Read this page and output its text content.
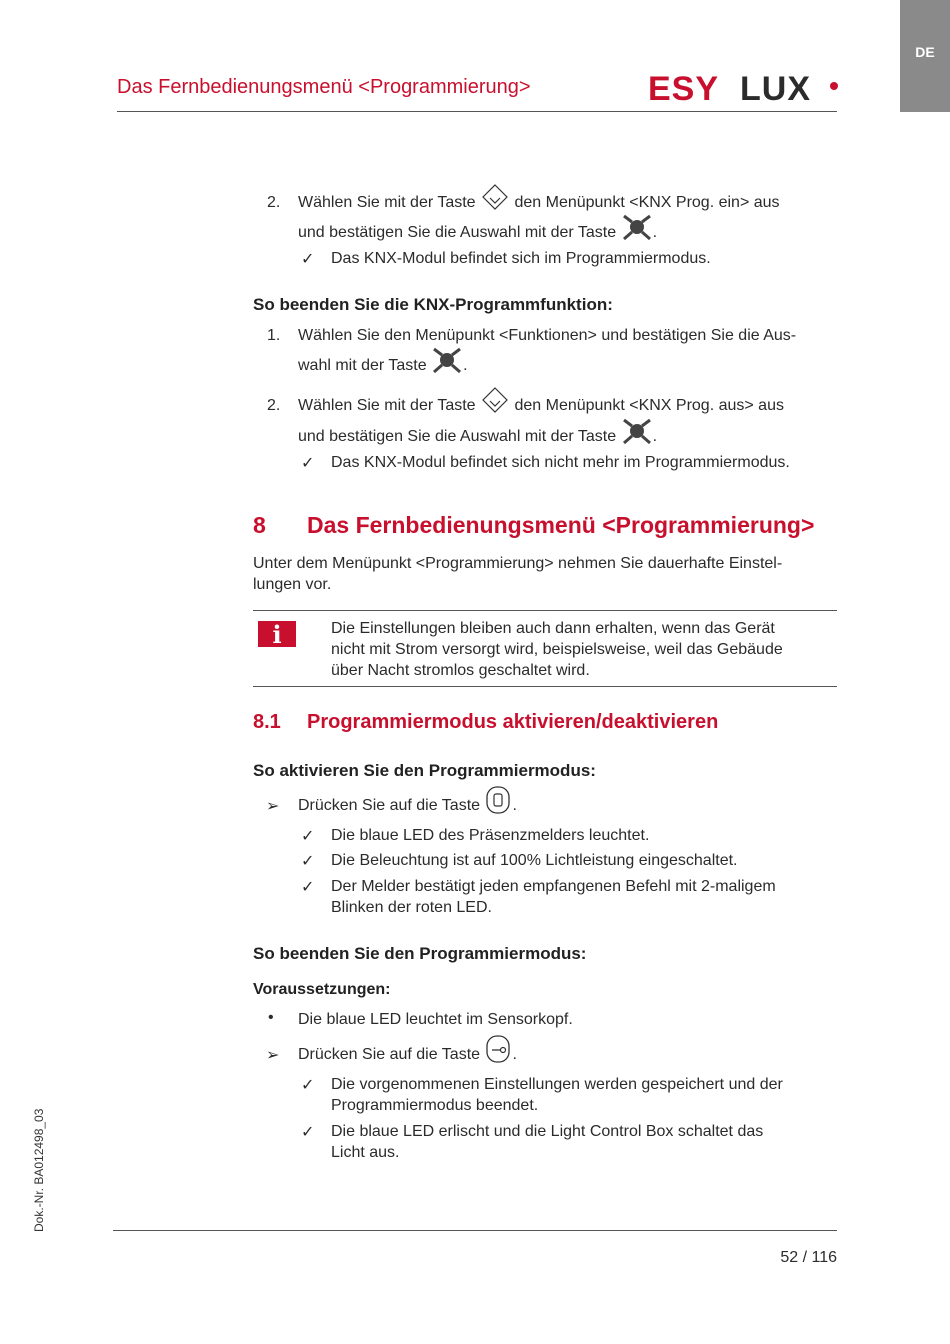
DE
Das Fernbedienungsmenü <Programmierung>	ESY LUX
2. Wählen Sie mit der Taste den Menüpunkt <KNX Prog. ein> aus
und bestätigen Sie die Auswahl mit der Taste .
✓ Das KNX-Modul befindet sich im Programmiermodus.
So beenden Sie die KNX-Programmfunktion:
1. Wählen Sie den Menüpunkt <Funktionen> und bestätigen Sie die Aus-
wahl mit der Taste .
2. Wählen Sie mit der Taste den Menüpunkt <KNX Prog. aus> aus
und bestätigen Sie die Auswahl mit der Taste .
✓ Das KNX-Modul befindet sich nicht mehr im Programmiermodus.
8 Das Fernbedienungsmenü <Programmierung>
Unter dem Menüpunkt <Programmierung> nehmen Sie dauerhafte Einstel-
lungen vor.
i	Die Einstellungen bleiben auch dann erhalten, wenn das Gerät
nicht mit Strom versorgt wird, beispielsweise, weil das Gebäude
über Nacht stromlos geschaltet wird.
8.1 Programmiermodus aktivieren/deaktivieren
So aktivieren Sie den Programmiermodus:
➢ Drücken Sie auf die Taste .
✓ Die blaue LED des Präsenzmelders leuchtet.
✓ Die Beleuchtung ist auf 100% Lichtleistung eingeschaltet.
✓ Der Melder bestätigt jeden empfangenen Befehl mit 2-maligem
Blinken der roten LED.
So beenden Sie den Programmiermodus:
Voraussetzungen:
• Die blaue LED leuchtet im Sensorkopf.
➢ Drücken Sie auf die Taste .
✓ Die vorgenommenen Einstellungen werden gespeichert und der
Programmiermodus beendet.
✓ Die blaue LED erlischt und die Light Control Box schaltet das
Licht aus.
Dok.-Nr. BA012498_03
52 / 116
